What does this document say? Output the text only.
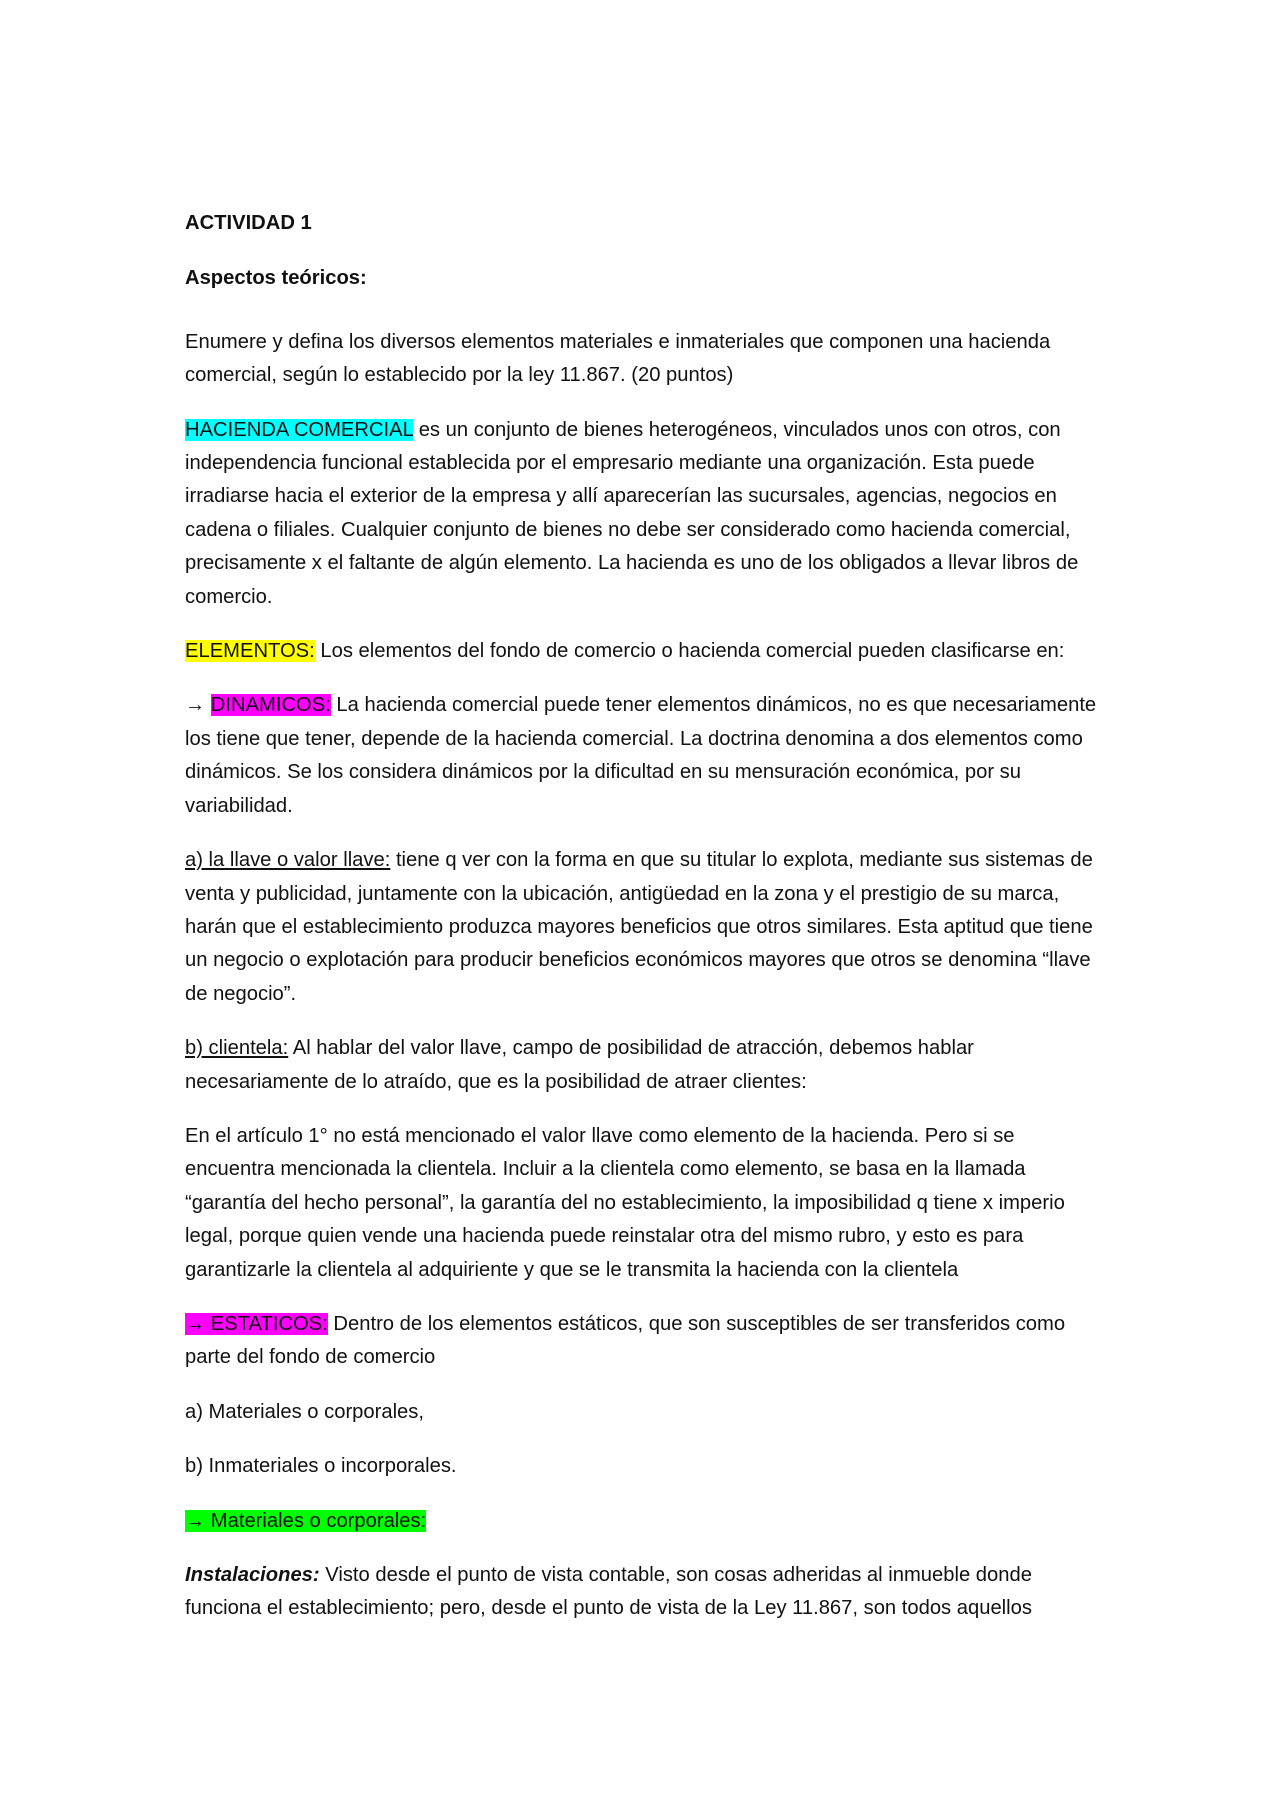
ACTIVIDAD 1

Aspectos teóricos:

Enumere y defina los diversos elementos materiales e inmateriales que componen una hacienda comercial, según lo establecido por la ley 11.867. (20 puntos)

HACIENDA COMERCIAL es un conjunto de bienes heterogéneos, vinculados unos con otros, con independencia funcional establecida por el empresario mediante una organización. Esta puede irradiarse hacia el exterior de la empresa y allí aparecerían las sucursales, agencias, negocios en cadena o filiales. Cualquier conjunto de bienes no debe ser considerado como hacienda comercial, precisamente x el faltante de algún elemento. La hacienda es uno de los obligados a llevar libros de comercio.

ELEMENTOS: Los elementos del fondo de comercio o hacienda comercial pueden clasificarse en:

→ DINAMICOS: La hacienda comercial puede tener elementos dinámicos, no es que necesariamente los tiene que tener, depende de la hacienda comercial. La doctrina denomina a dos elementos como dinámicos. Se los considera dinámicos por la dificultad en su mensuración económica, por su variabilidad.

a) la llave o valor llave: tiene q ver con la forma en que su titular lo explota, mediante sus sistemas de venta y publicidad, juntamente con la ubicación, antigüedad en la zona y el prestigio de su marca, harán que el establecimiento produzca mayores beneficios que otros similares. Esta aptitud que tiene un negocio o explotación para producir beneficios económicos mayores que otros se denomina “llave de negocio”.

b) clientela: Al hablar del valor llave, campo de posibilidad de atracción, debemos hablar necesariamente de lo atraído, que es la posibilidad de atraer clientes:

En el artículo 1° no está mencionado el valor llave como elemento de la hacienda. Pero si se encuentra mencionada la clientela. Incluir a la clientela como elemento, se basa en la llamada “garantía del hecho personal”, la garantía del no establecimiento, la imposibilidad q tiene x imperio legal, porque quien vende una hacienda puede reinstalar otra del mismo rubro, y esto es para garantizarle la clientela al adquiriente y que se le transmita la hacienda con la clientela

→ ESTATICOS: Dentro de los elementos estáticos, que son susceptibles de ser transferidos como parte del fondo de comercio

a) Materiales o corporales,

b) Inmateriales o incorporales.

→ Materiales o corporales:

Instalaciones: Visto desde el punto de vista contable, son cosas adheridas al inmueble donde funciona el establecimiento; pero, desde el punto de vista de la Ley 11.867, son todos aquellos
